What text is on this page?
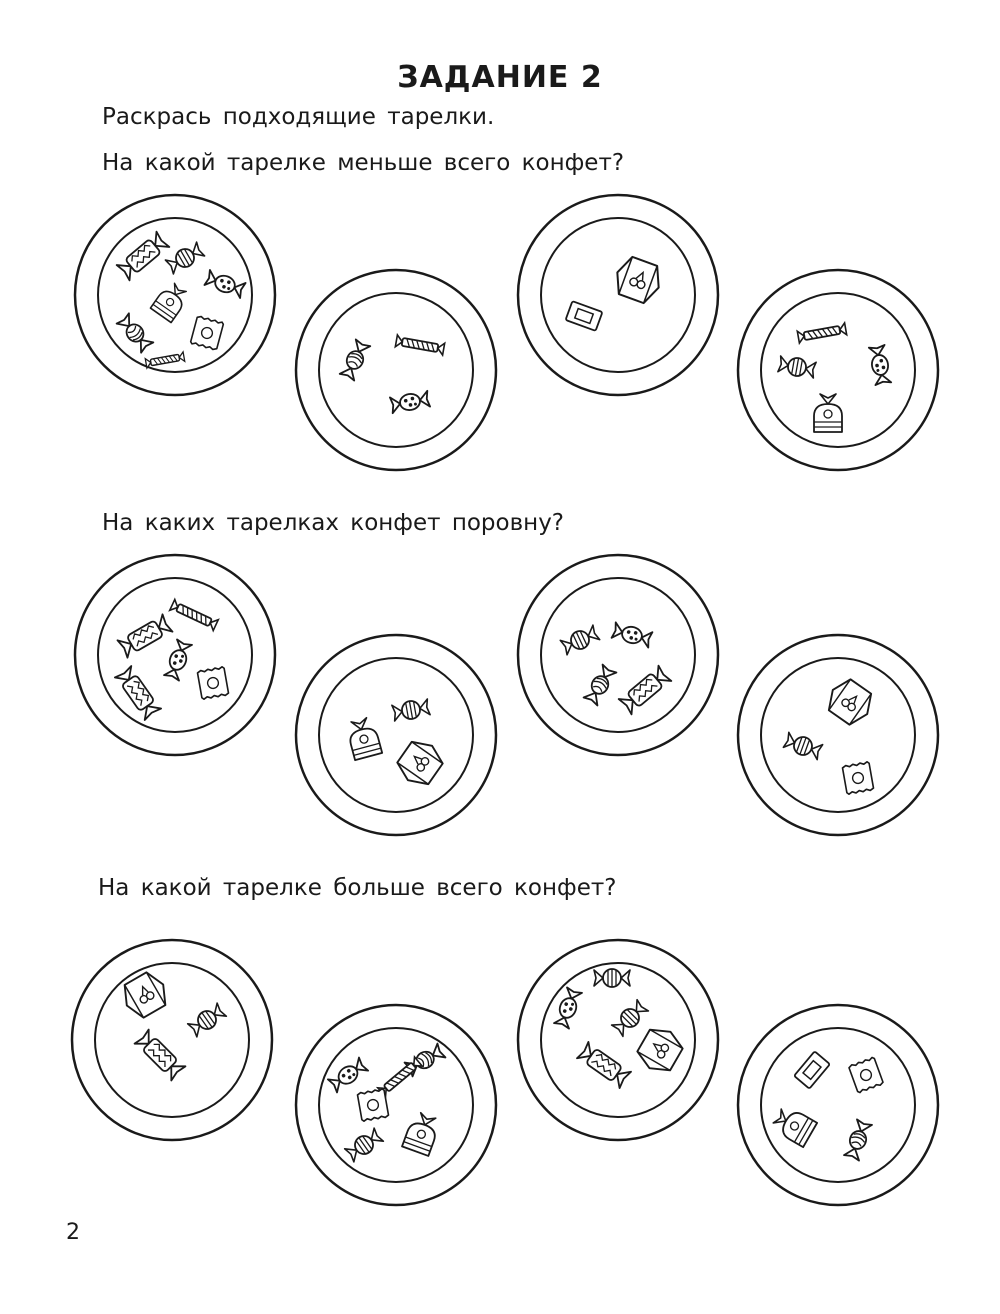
ЗАДАНИЕ 2
Раскрась подходящие тарелки.
На какой тарелке меньше всего конфет?
На каких тарелках конфет поровну?
На какой тарелке больше всего конфет?
2
